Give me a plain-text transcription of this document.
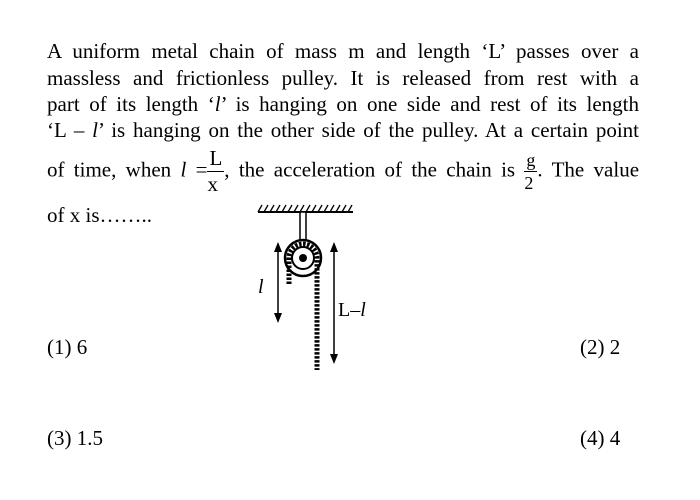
A uniform metal chain of mass m and length ‘L’ passes over a
massless and frictionless pulley. It is released from rest with a
part of its length ‘l’ is hanging on one side and rest of its length
‘L – l’ is hanging on the other side of the pulley. At a certain point
of time, when $l = \frac{L}{x}$ , the acceleration of the chain is $\frac{g}{2}$ . The value
of x is……..
l
L–l
(1) 6	(2) 2
(3) 1.5	(4) 4
